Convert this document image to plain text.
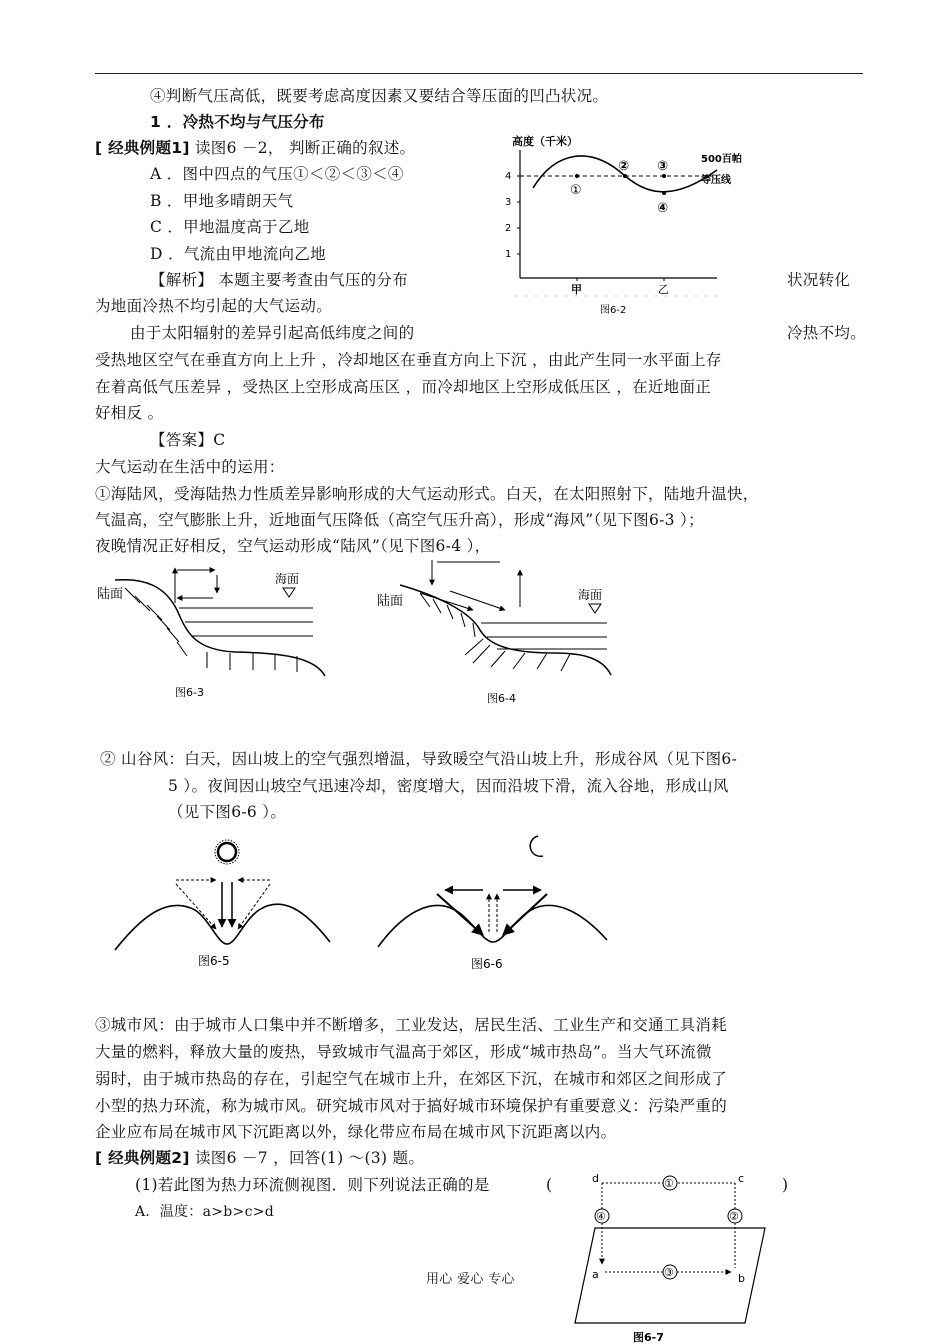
④判断气压高低，既要考虑高度因素又要结合等压面的凹凸状况。
1 ．冷热不均与气压分布
[ 经典例题1] 读图6 －2， 判断正确的叙述。
A ．图中四点的气压①＜②＜③＜④
B ．甲地多晴朗天气
C ．甲地温度高于乙地
D ．气流由甲地流向乙地
【解析】 本题主要考查由气压的分布	状况转化
为地面冷热不均引起的大气运动。
由于太阳辐射的差异引起高低纬度之间的	冷热不均。
受热地区空气在垂直方向上上升 ，冷却地区在垂直方向上下沉 ，由此产生同一水平面上存
在着高低气压差异 ，受热区上空形成高压区 ，而冷却地区上空形成低压区 ，在近地面正
好相反 。
【答案】C
大气运动在生活中的运用：
①海陆风，受海陆热力性质差异影响形成的大气运动形式。白天，在太阳照射下，陆地升温快，
气温高，空气膨胀上升，近地面气压降低（高空气压升高），形成“海风”（见下图6-3 ）；
夜晚情况正好相反，空气运动形成“陆风”（见下图6-4 ），
② 山谷风：白天，因山坡上的空气强烈增温，导致暖空气沿山坡上升，形成谷风（见下图6-
5 ）。夜间因山坡空气迅速冷却，密度增大，因而沿坡下滑，流入谷地，形成山风
（见下图6-6 ）。
③城市风：由于城市人口集中并不断增多，工业发达，居民生活、工业生产和交通工具消耗
大量的燃料，释放大量的废热，导致城市气温高于郊区，形成“城市热岛”。当大气环流微
弱时，由于城市热岛的存在，引起空气在城市上升，在郊区下沉，在城市和郊区之间形成了
小型的热力环流，称为城市风。研究城市风对于搞好城市环境保护有重要意义：污染严重的
企业应布局在城市风下沉距离以外，绿化带应布局在城市风下沉距离以内。
[ 经典例题2] 读图6 －7 ，回答(1) ～(3) 题。
(1)若此图为热力环流侧视图．则下列说法正确的是	(	)
A．温度：a>b>c>d
用心 爱心 专心
高度（千米）
4
3
2
1
①
② ③
④
500百帕
等压线
甲	乙
图6-2
陆面
海面
图6-3
陆面	海面
图6-4
图6-5	图6-6
①
②
③
④
d	c
a	b
图6-7
